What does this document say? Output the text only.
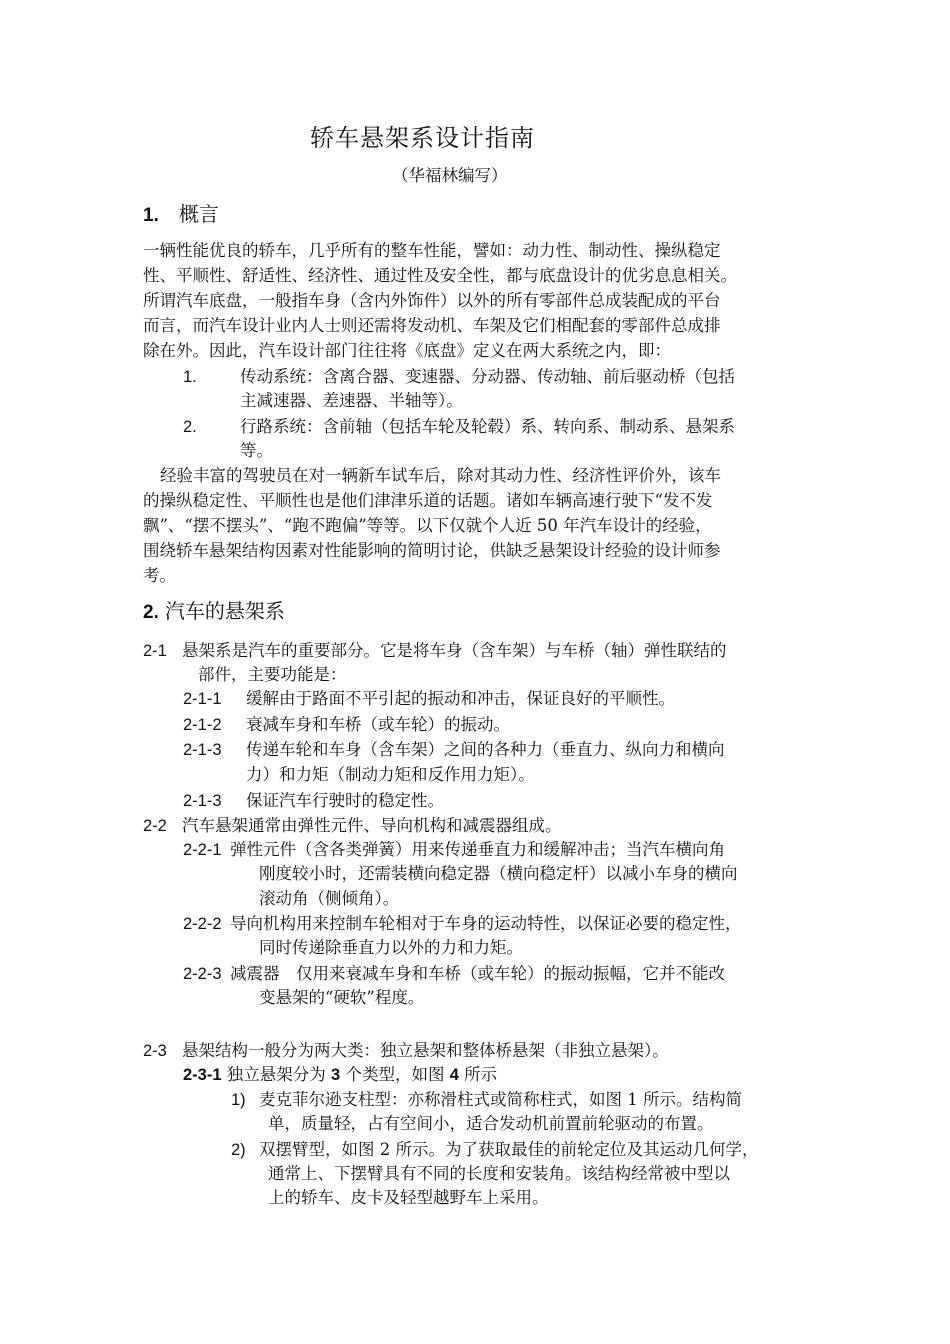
轿车悬架系设计指南
（华福林编写）
1. 概言
一辆性能优良的轿车，几乎所有的整车性能，譬如：动力性、制动性、操纵稳定
性、平顺性、舒适性、经济性、通过性及安全性，都与底盘设计的优劣息息相关。
所谓汽车底盘，一般指车身（含内外饰件）以外的所有零部件总成装配成的平台
而言，而汽车设计业内人士则还需将发动机、车架及它们相配套的零部件总成排
除在外。因此，汽车设计部门往往将《底盘》定义在两大系统之内，即：
1.	传动系统：含离合器、变速器、分动器、传动轴、前后驱动桥（包括
主减速器、差速器、半轴等）。
2.	行路系统：含前轴（包括车轮及轮毂）系、转向系、制动系、悬架系
等。
经验丰富的驾驶员在对一辆新车试车后，除对其动力性、经济性评价外，该车
的操纵稳定性、平顺性也是他们津津乐道的话题。诸如车辆高速行驶下“发不发
飘”、“摆不摆头”、“跑不跑偏”等等。以下仅就个人近 50 年汽车设计的经验，
围绕轿车悬架结构因素对性能影响的简明讨论，供缺乏悬架设计经验的设计师参
考。
2. 汽车的悬架系
2-1 悬架系是汽车的重要部分。它是将车身（含车架）与车桥（轴）弹性联结的
部件，主要功能是：
2-1-1 缓解由于路面不平引起的振动和冲击，保证良好的平顺性。
2-1-2 衰减车身和车桥（或车轮）的振动。
2-1-3 传递车轮和车身（含车架）之间的各种力（垂直力、纵向力和横向
力）和力矩（制动力矩和反作用力矩）。
2-1-3 保证汽车行驶时的稳定性。
2-2 汽车悬架通常由弹性元件、导向机构和减震器组成。
2-2-1 弹性元件（含各类弹簧）用来传递垂直力和缓解冲击；当汽车横向角
刚度较小时，还需装横向稳定器（横向稳定杆）以减小车身的横向
滚动角（侧倾角）。
2-2-2 导向机构用来控制车轮相对于车身的运动特性，以保证必要的稳定性，
同时传递除垂直力以外的力和力矩。
2-2-3 减震器　仅用来衰减车身和车桥（或车轮）的振动振幅，它并不能改
变悬架的“硬软”程度。
2-3 悬架结构一般分为两大类：独立悬架和整体桥悬架（非独立悬架）。
2-3-1 独立悬架分为 3 个类型，如图 4 所示
1) 麦克菲尔逊支柱型：亦称滑柱式或简称柱式，如图 1 所示。结构简
单，质量轻，占有空间小，适合发动机前置前轮驱动的布置。
2) 双摆臂型，如图 2 所示。为了获取最佳的前轮定位及其运动几何学，
通常上、下摆臂具有不同的长度和安装角。该结构经常被中型以
上的轿车、皮卡及轻型越野车上采用。
